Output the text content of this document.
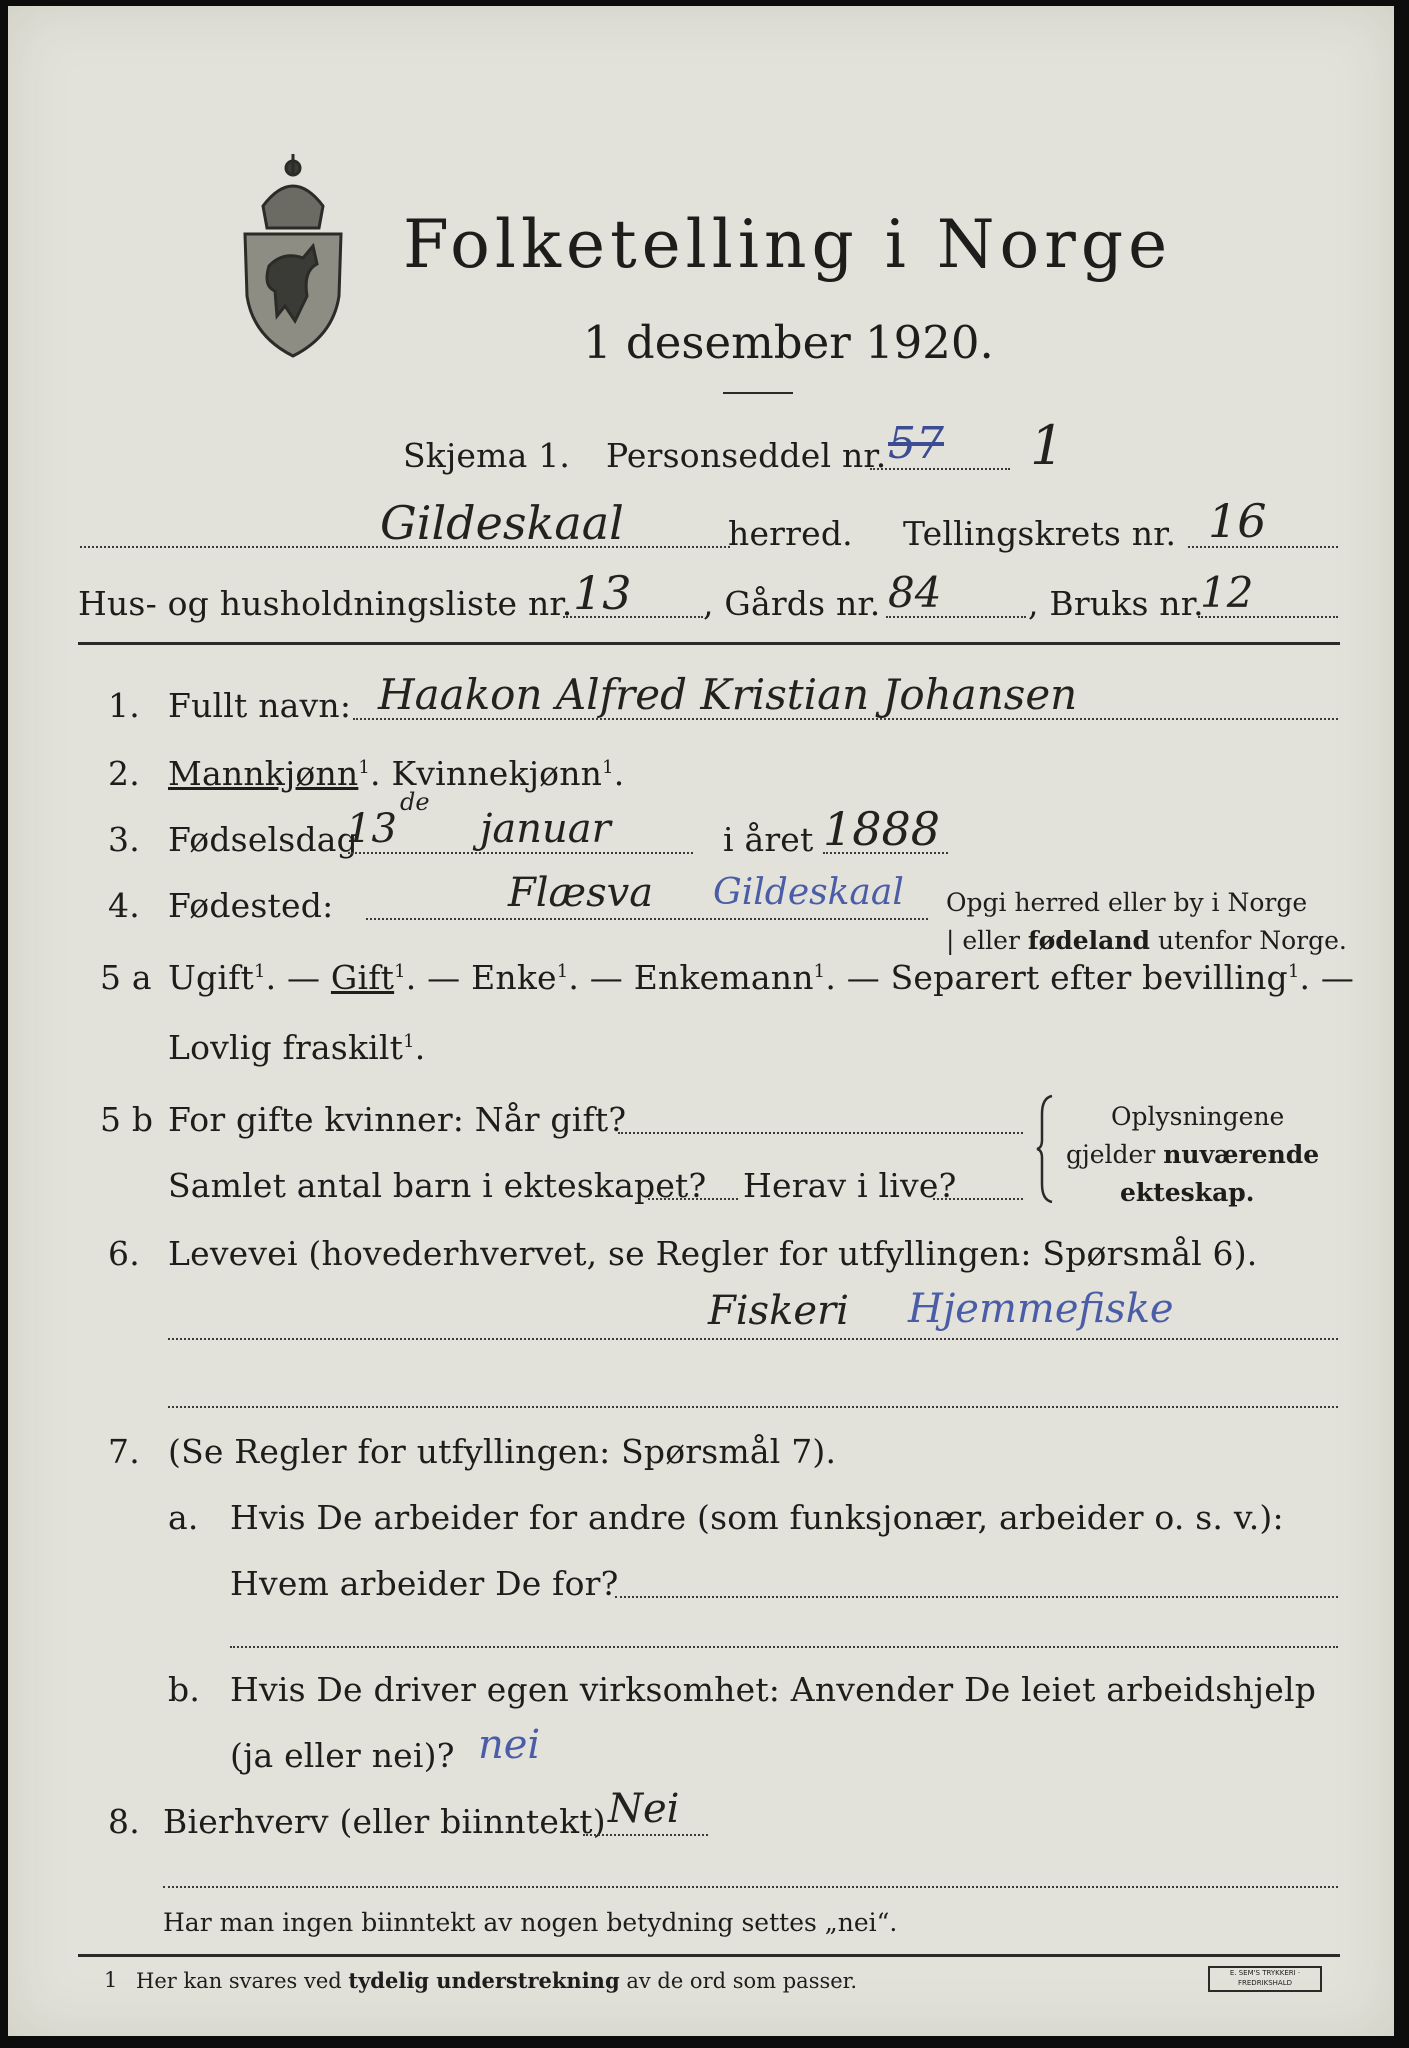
Folketelling i Norge
1 desember 1920.
Skjema 1. Personseddel nr. 57 1
Gildeskaal	herred. Tellingskrets nr. 16
Hus- og husholdningsliste nr. 13 , Gårds nr. 84	, Bruks nr.
12
1. Fullt navn: Haakon Alfred Kristian Johansen
2. Mannkjønn$^1$. Kvinnekjønn$^1$.
3. Fødselsdag
13
de
januar	i året 1888
4. Fødested:	Flæsva Gildeskaal Opgi herred eller by i Norge
| eller fødeland utenfor Norge.
5 a Ugift$^1$. — Gift$^1$. — Enke$^1$. — Enkemann$^1$. — Separert efter bevilling$^1$. —
Lovlig fraskilt$^1$.
5 b For gifte kvinner: Når gift?
Samlet antal barn i ekteskapet? Herav i live?
Oplysningene
gjelder nuværende
ekteskap.
6. Levevei (hovederhvervet, se Regler for utfyllingen: Spørsmål 6).
Fiskeri Hjemmefiske
7. (Se Regler for utfyllingen: Spørsmål 7).
a. Hvis De arbeider for andre (som funksjonær, arbeider o. s. v.):
Hvem arbeider De for?
b. Hvis De driver egen virksomhet: Anvender De leiet arbeidshjelp
(ja eller nei)? nei
8. Bierhverv (eller biinntekt) Nei
Har man ingen biinntekt av nogen betydning settes „nei“.
1 Her kan svares ved tydelig understrekning av de ord som passer.	E. SEM'S TRYKKERI · FREDRIKSHALD
